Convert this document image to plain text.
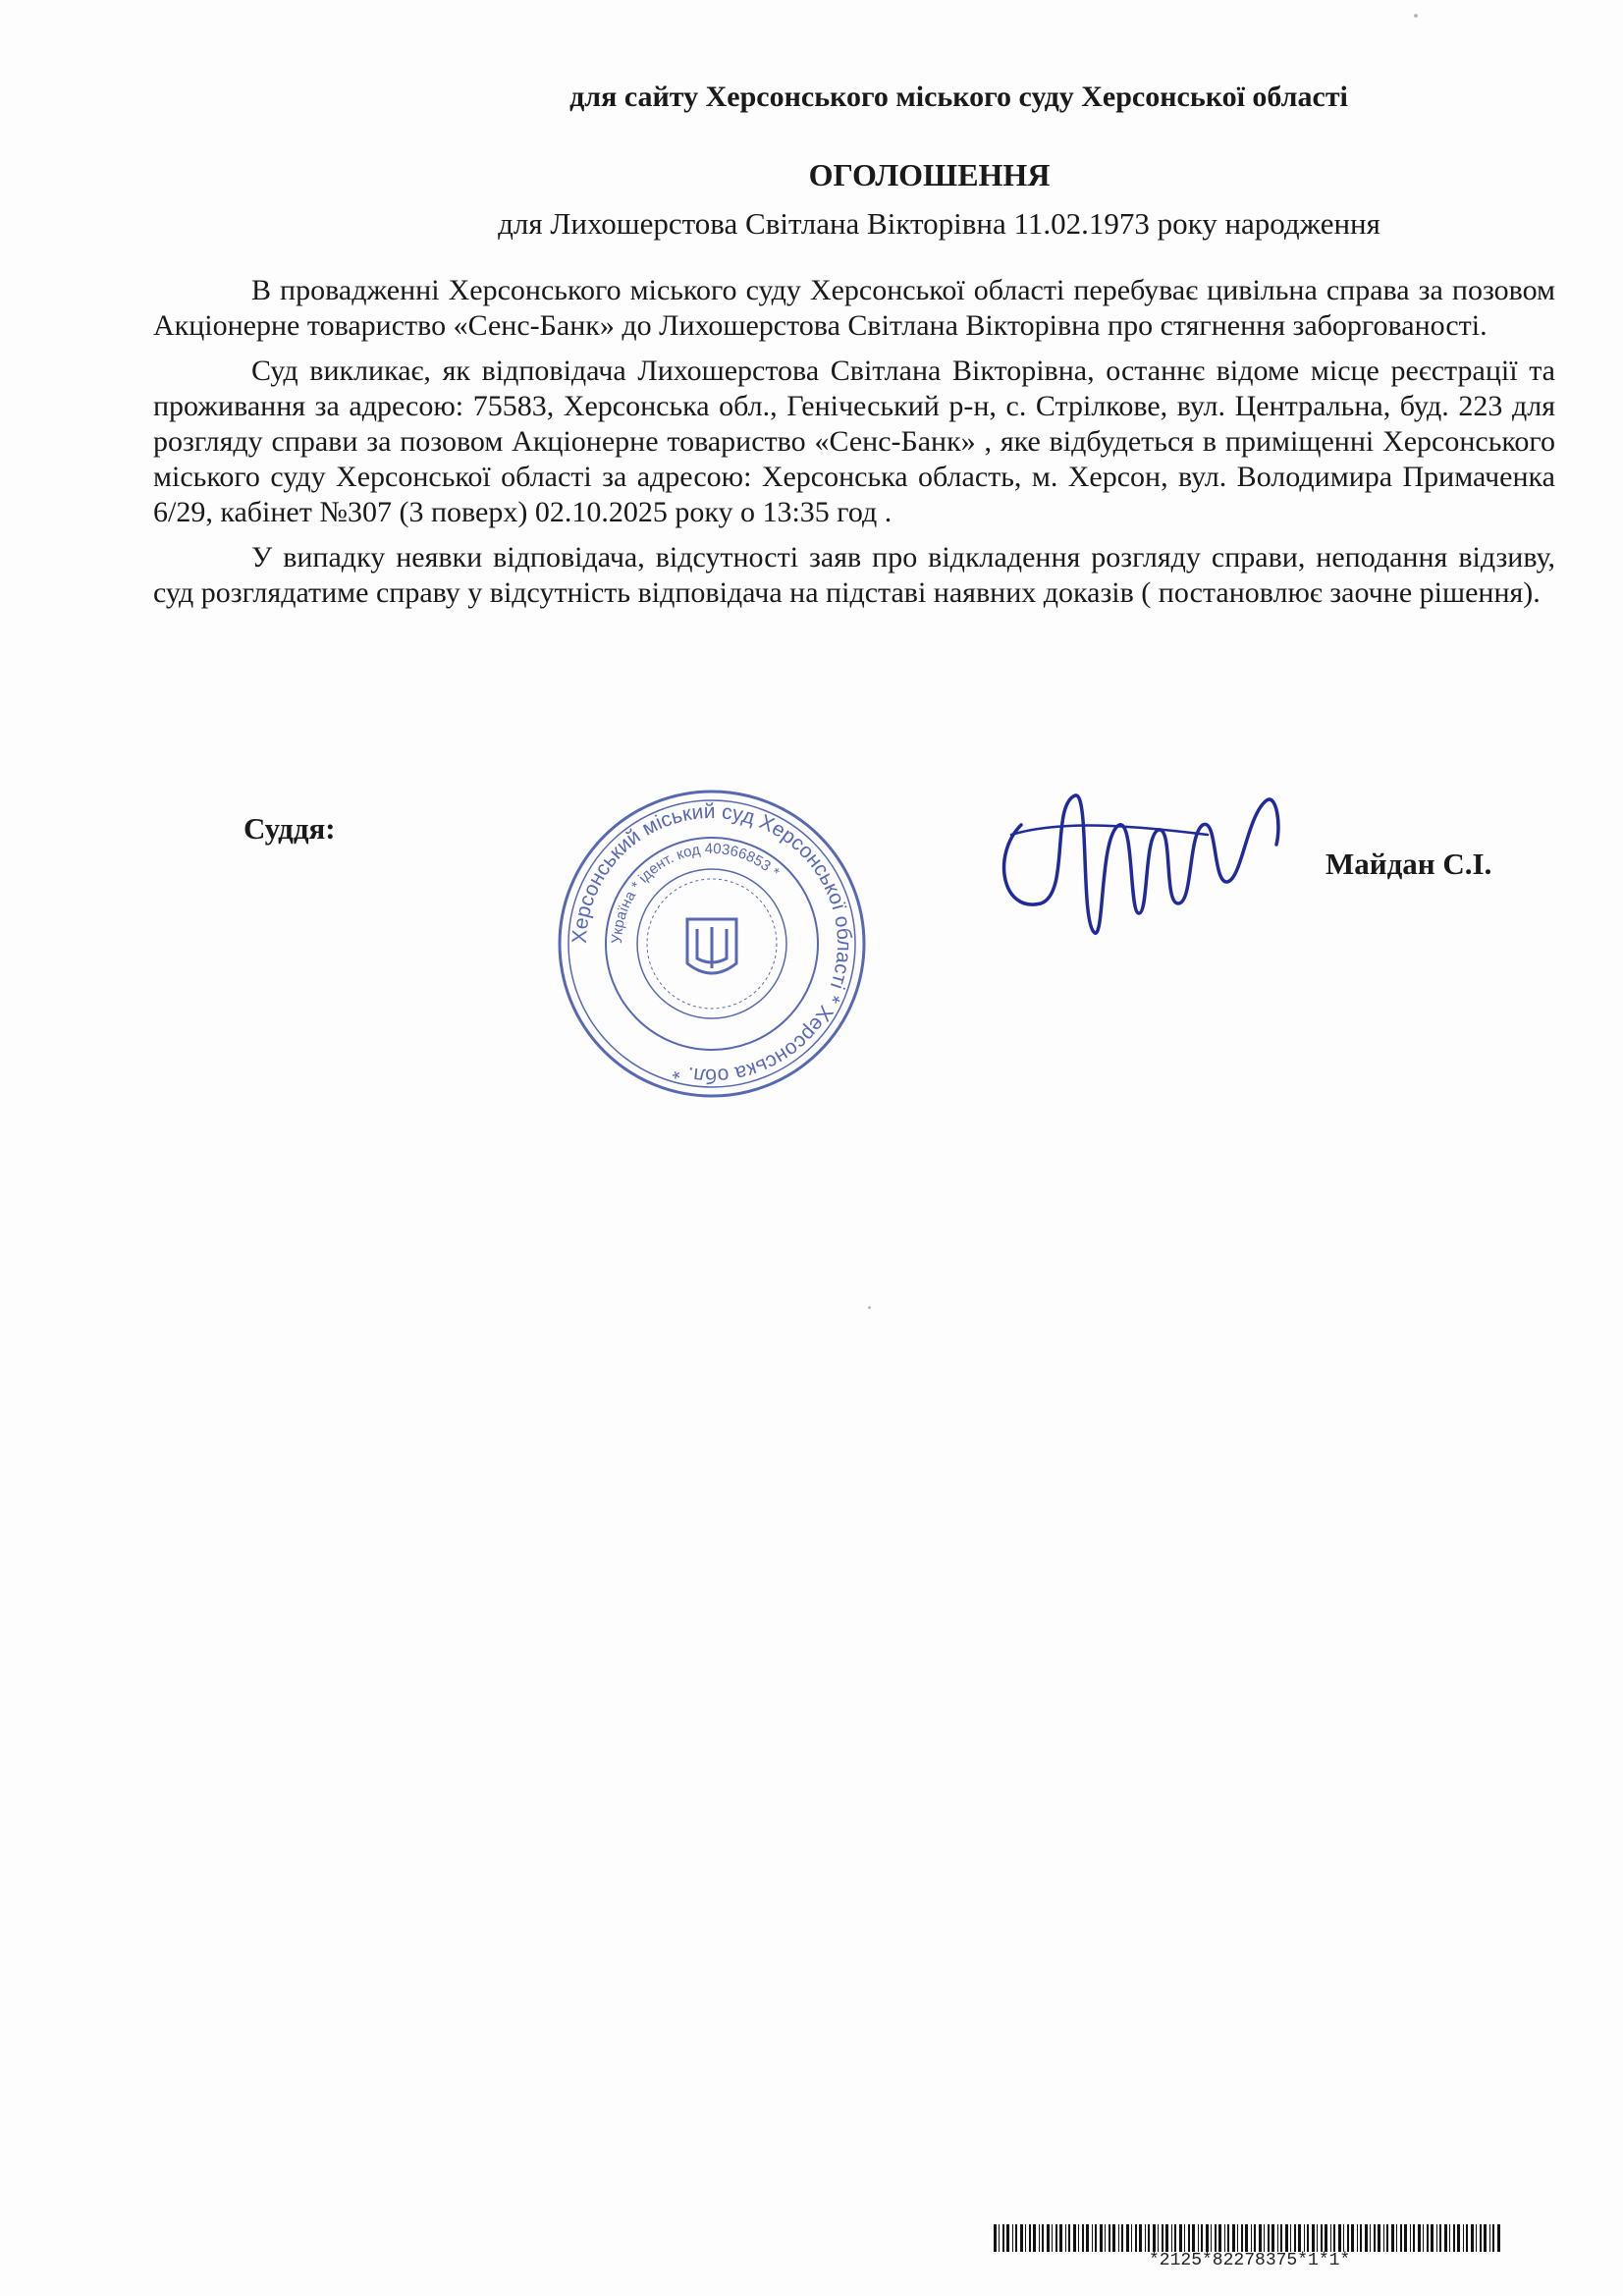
для сайту Херсонського міського суду Херсонської області
ОГОЛОШЕННЯ
для Лихошерстова Світлана Вікторівна 11.02.1973 року народження

В провадженні Херсонського міського суду Херсонської області перебуває цивільна справа за позовом Акціонерне товариство «Сенс-Банк» до Лихошерстова Світлана Вікторівна про стягнення заборгованості.

Суд викликає, як відповідача Лихошерстова Світлана Вікторівна, останнє відоме місце реєстрації та проживання за адресою: 75583, Херсонська обл., Генічеський р-н, с. Стрілкове, вул. Центральна, буд. 223 для розгляду справи за позовом Акціонерне товариство «Сенс-Банк» , яке відбудеться в приміщенні Херсонського міського суду Херсонської області за адресою: Херсонська область, м. Херсон, вул. Володимира Примаченка 6/29, кабінет №307 (3 поверх) 02.10.2025 року о 13:35 год .

У випадку неявки відповідача, відсутності заяв про відкладення розгляду справи, неподання відзиву, суд розглядатиме справу у відсутність відповідача на підставі наявних доказів ( постановлює заочне рішення).

Суддя:
Херсонський міський суд Херсонської області * Херсонська обл. *
Україна * ідент. код 40366853 *	Майдан С.І.
*2125*82278375*1*1*
